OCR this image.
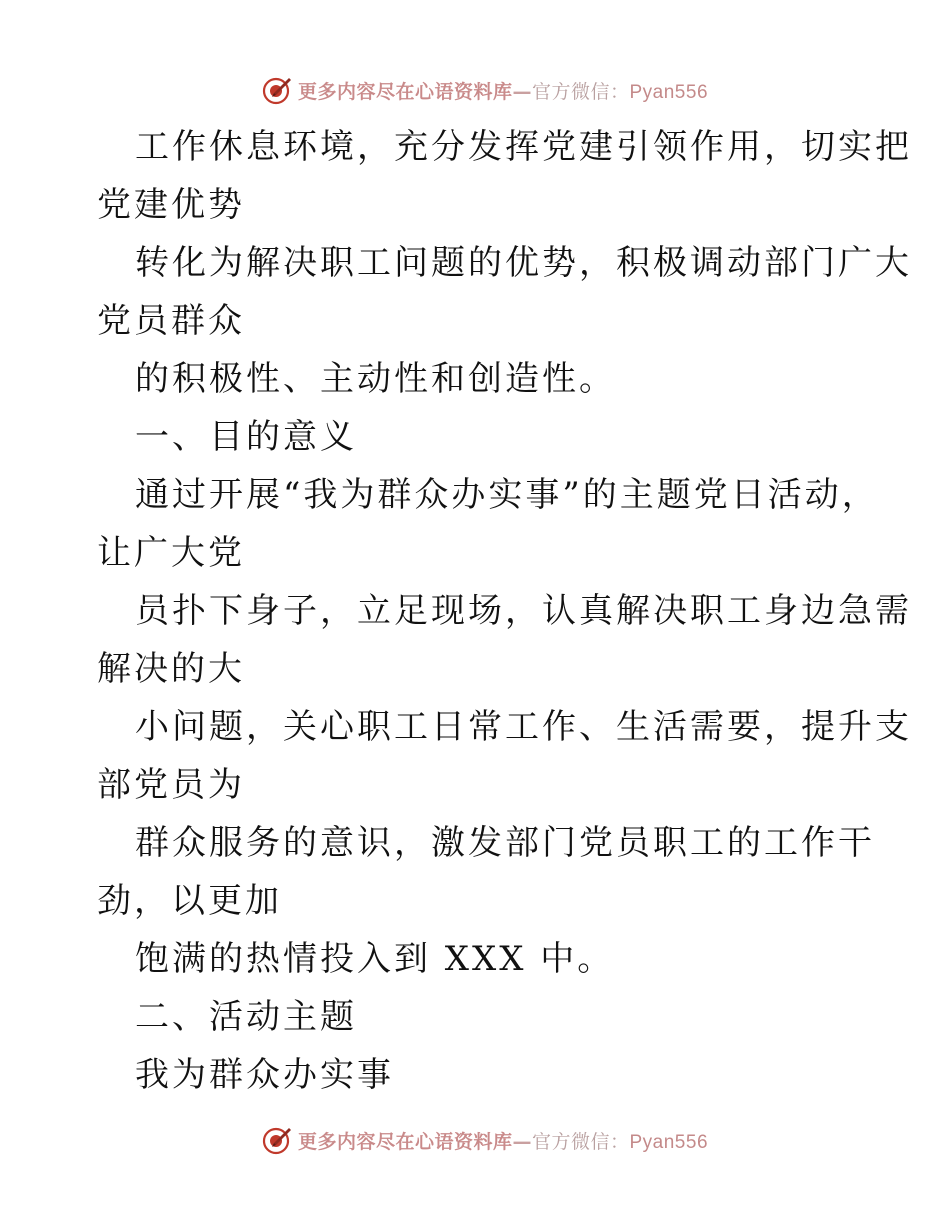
更多内容尽在心语资料库—官方微信：Pyan556

工作休息环境，充分发挥党建引领作用，切实把

党建优势

转化为解决职工问题的优势，积极调动部门广大

党员群众

的积极性、主动性和创造性。

一、目的意义

通过开展“我为群众办实事”的主题党日活动，

让广大党

员扑下身子，立足现场，认真解决职工身边急需

解决的大

小问题，关心职工日常工作、生活需要，提升支

部党员为

群众服务的意识，激发部门党员职工的工作干

劲，以更加

饱满的热情投入到 XXX 中。

二、活动主题

我为群众办实事

更多内容尽在心语资料库—官方微信：Pyan556
